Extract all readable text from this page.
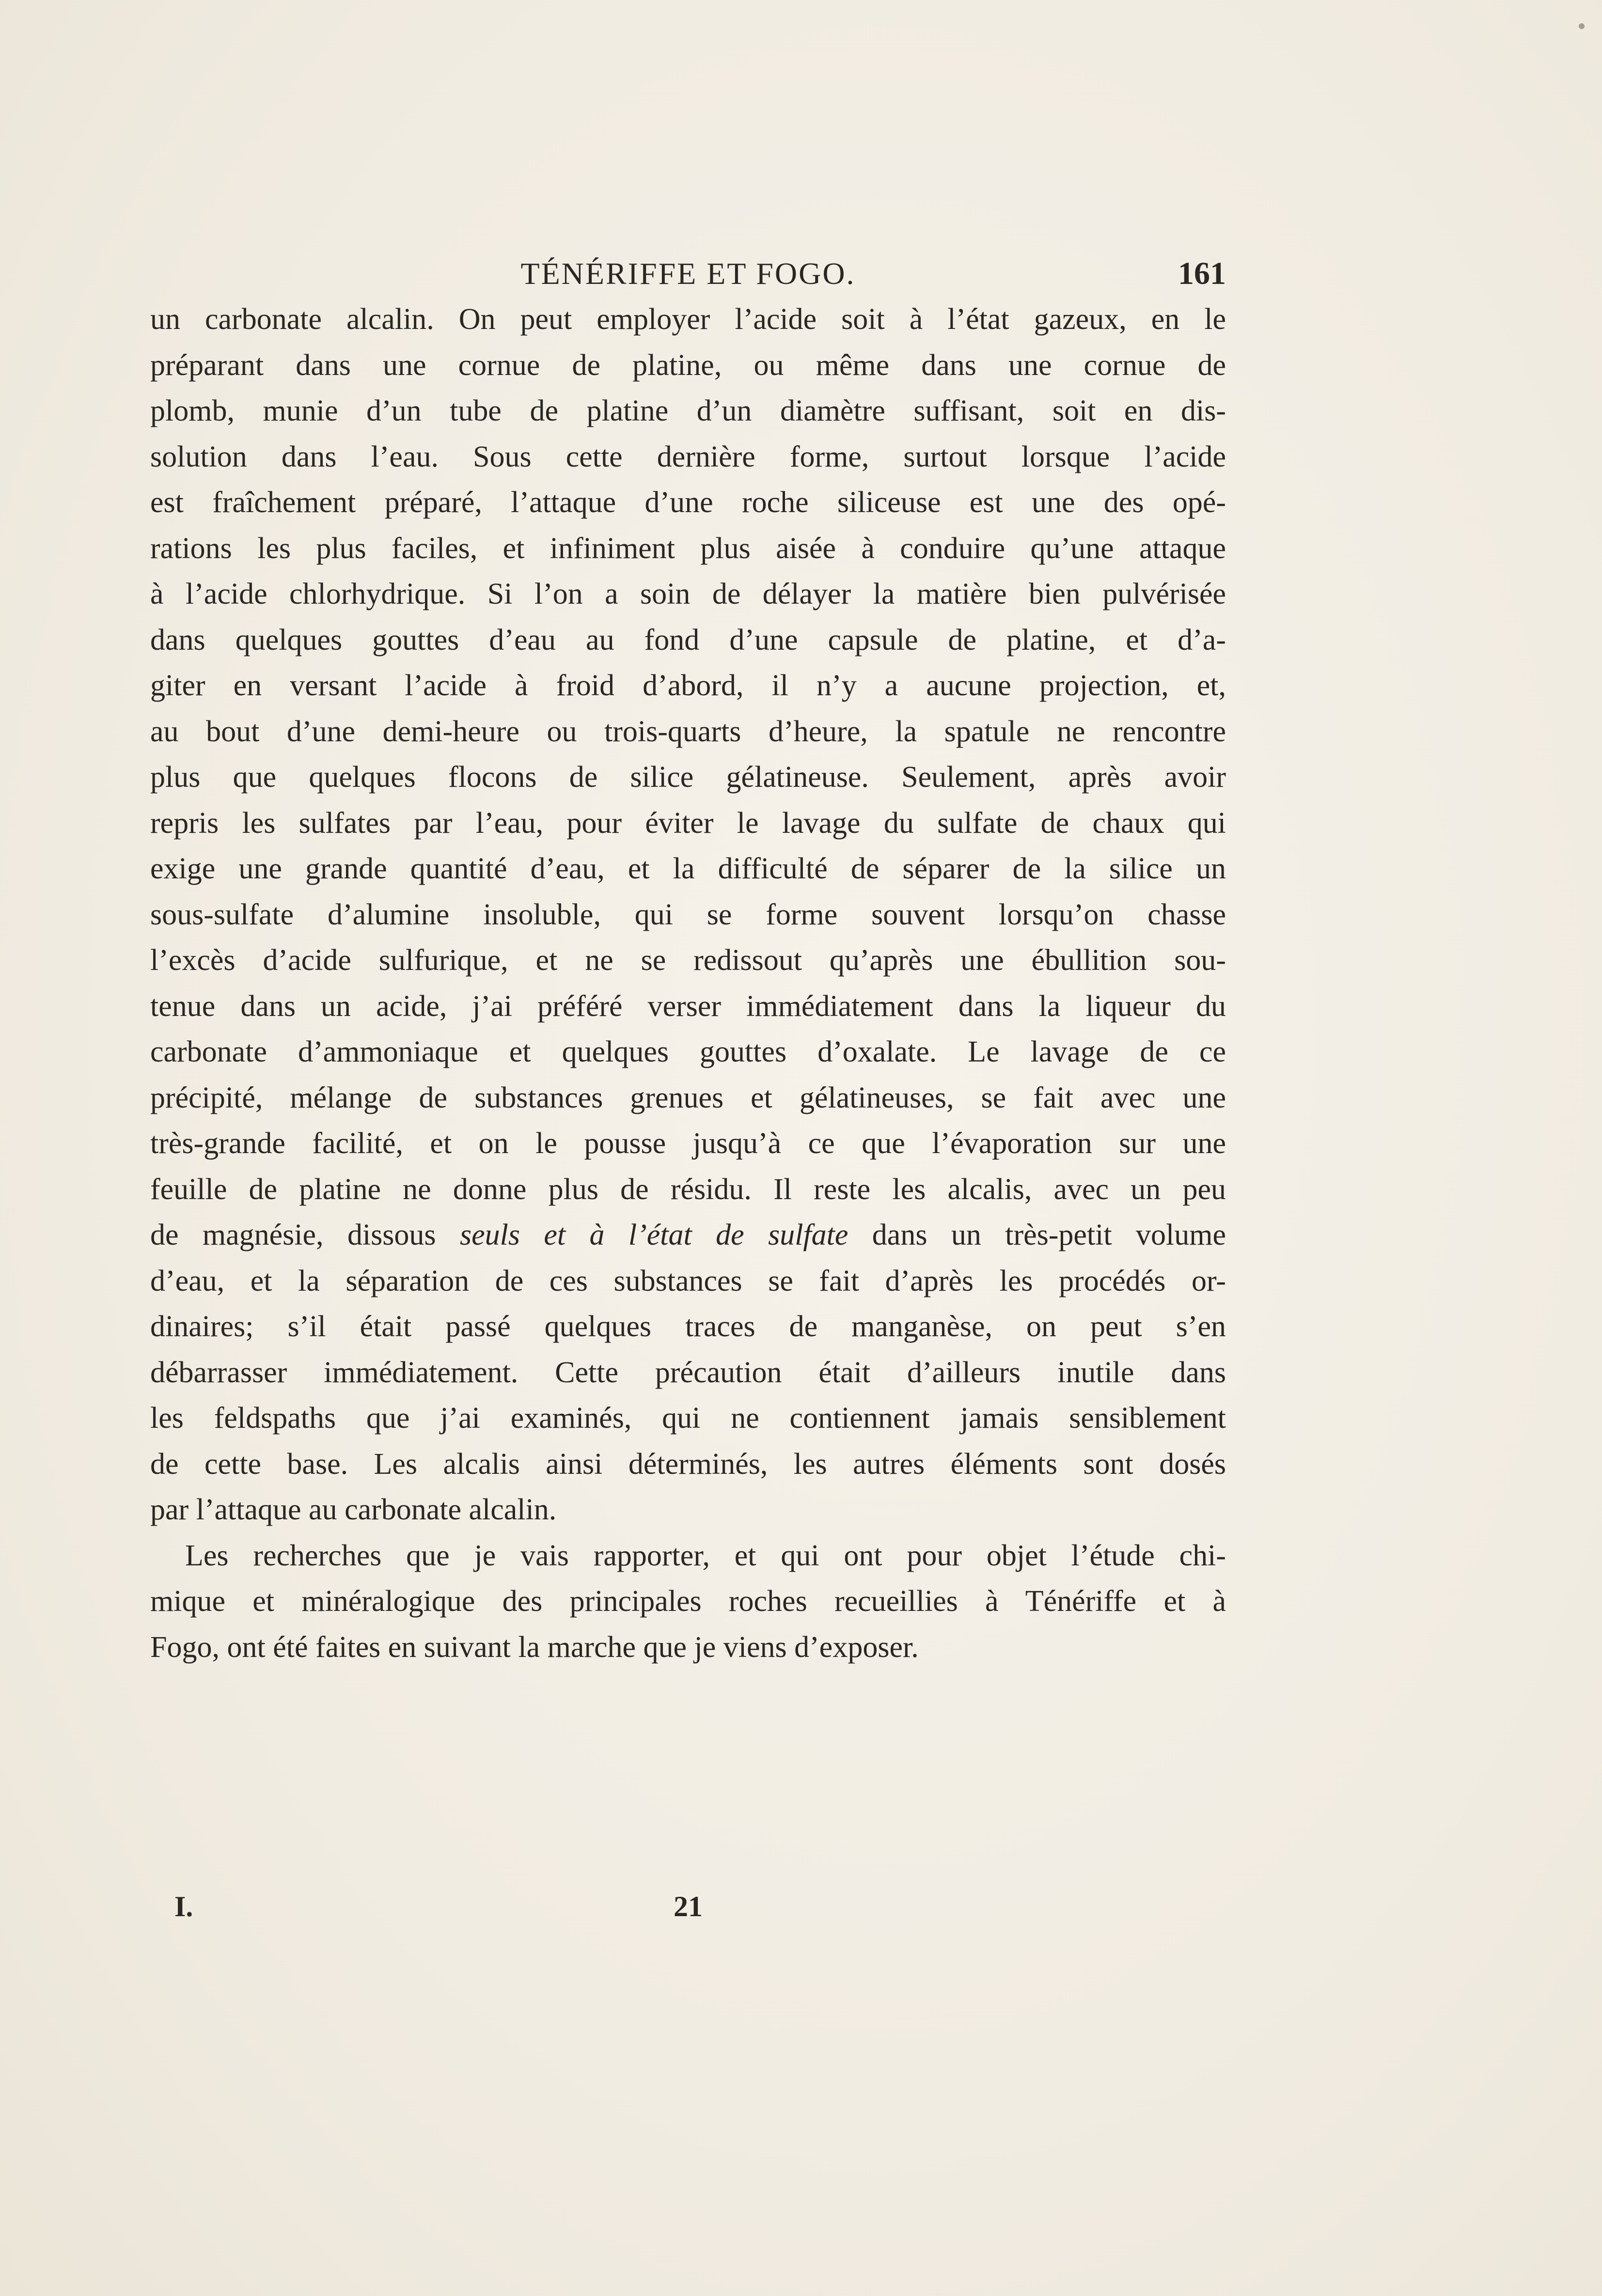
TÉNÉRIFFE ET FOGO.	161
un carbonate alcalin. On peut employer l’acide soit à l’état gazeux, en le
préparant dans une cornue de platine, ou même dans une cornue de
plomb, munie d’un tube de platine d’un diamètre suffisant, soit en dis-
solution dans l’eau. Sous cette dernière forme, surtout lorsque l’acide
est fraîchement préparé, l’attaque d’une roche siliceuse est une des opé-
rations les plus faciles, et infiniment plus aisée à conduire qu’une attaque
à l’acide chlorhydrique. Si l’on a soin de délayer la matière bien pulvérisée
dans quelques gouttes d’eau au fond d’une capsule de platine, et d’a-
giter en versant l’acide à froid d’abord, il n’y a aucune projection, et,
au bout d’une demi-heure ou trois-quarts d’heure, la spatule ne rencontre
plus que quelques flocons de silice gélatineuse. Seulement, après avoir
repris les sulfates par l’eau, pour éviter le lavage du sulfate de chaux qui
exige une grande quantité d’eau, et la difficulté de séparer de la silice un
sous-sulfate d’alumine insoluble, qui se forme souvent lorsqu’on chasse
l’excès d’acide sulfurique, et ne se redissout qu’après une ébullition sou-
tenue dans un acide, j’ai préféré verser immédiatement dans la liqueur du
carbonate d’ammoniaque et quelques gouttes d’oxalate. Le lavage de ce
précipité, mélange de substances grenues et gélatineuses, se fait avec une
très-grande facilité, et on le pousse jusqu’à ce que l’évaporation sur une
feuille de platine ne donne plus de résidu. Il reste les alcalis, avec un peu
de magnésie, dissous seuls et à l’état de sulfate dans un très-petit volume
d’eau, et la séparation de ces substances se fait d’après les procédés or-
dinaires; s’il était passé quelques traces de manganèse, on peut s’en
débarrasser immédiatement. Cette précaution était d’ailleurs inutile dans
les feldspaths que j’ai examinés, qui ne contiennent jamais sensiblement
de cette base. Les alcalis ainsi déterminés, les autres éléments sont dosés
par l’attaque au carbonate alcalin.
Les recherches que je vais rapporter, et qui ont pour objet l’étude chi-
mique et minéralogique des principales roches recueillies à Ténériffe et à
Fogo, ont été faites en suivant la marche que je viens d’exposer.
I.	21
